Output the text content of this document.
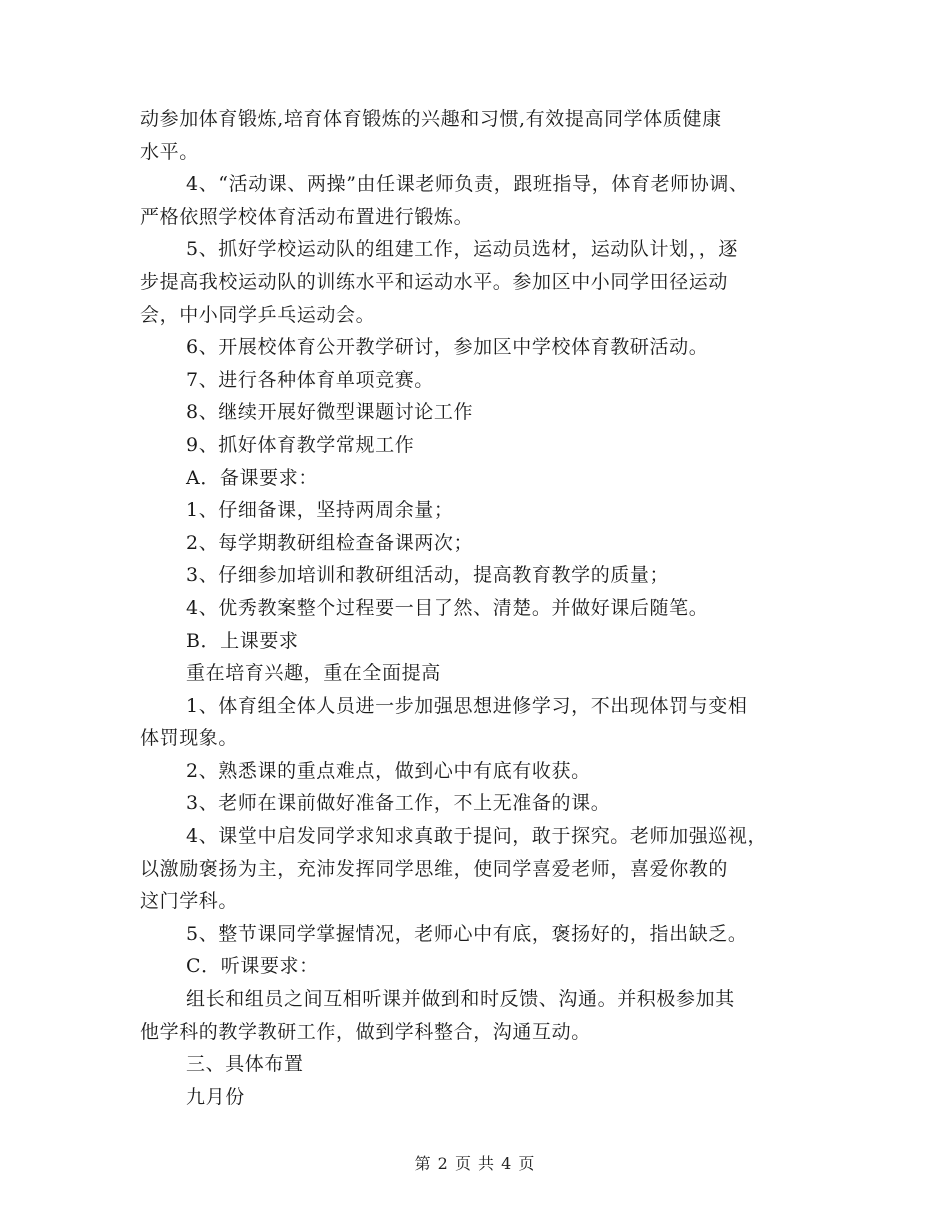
动参加体育锻炼,培育体育锻炼的兴趣和习惯,有效提高同学体质健康
水平。
4、“活动课、两操”由任课老师负责，跟班指导，体育老师协调、
严格依照学校体育活动布置进行锻炼。
5、抓好学校运动队的组建工作，运动员选材，运动队计划，，逐
步提高我校运动队的训练水平和运动水平。参加区中小同学田径运动
会，中小同学乒乓运动会。
6、开展校体育公开教学研讨，参加区中学校体育教研活动。
7、进行各种体育单项竞赛。
8、继续开展好微型课题讨论工作
9、抓好体育教学常规工作
A．备课要求：
1、仔细备课，坚持两周余量；
2、每学期教研组检查备课两次；
3、仔细参加培训和教研组活动，提高教育教学的质量；
4、优秀教案整个过程要一目了然、清楚。并做好课后随笔。
B．上课要求
重在培育兴趣，重在全面提高
1、体育组全体人员进一步加强思想进修学习，不出现体罚与变相
体罚现象。
2、熟悉课的重点难点，做到心中有底有收获。
3、老师在课前做好准备工作，不上无准备的课。
4、课堂中启发同学求知求真敢于提问，敢于探究。老师加强巡视，
以激励褒扬为主，充沛发挥同学思维，使同学喜爱老师，喜爱你教的
这门学科。
5、整节课同学掌握情况，老师心中有底，褒扬好的，指出缺乏。
C．听课要求：
组长和组员之间互相听课并做到和时反馈、沟通。并积极参加其
他学科的教学教研工作，做到学科整合，沟通互动。
三、具体布置
九月份
第 2 页 共 4 页
